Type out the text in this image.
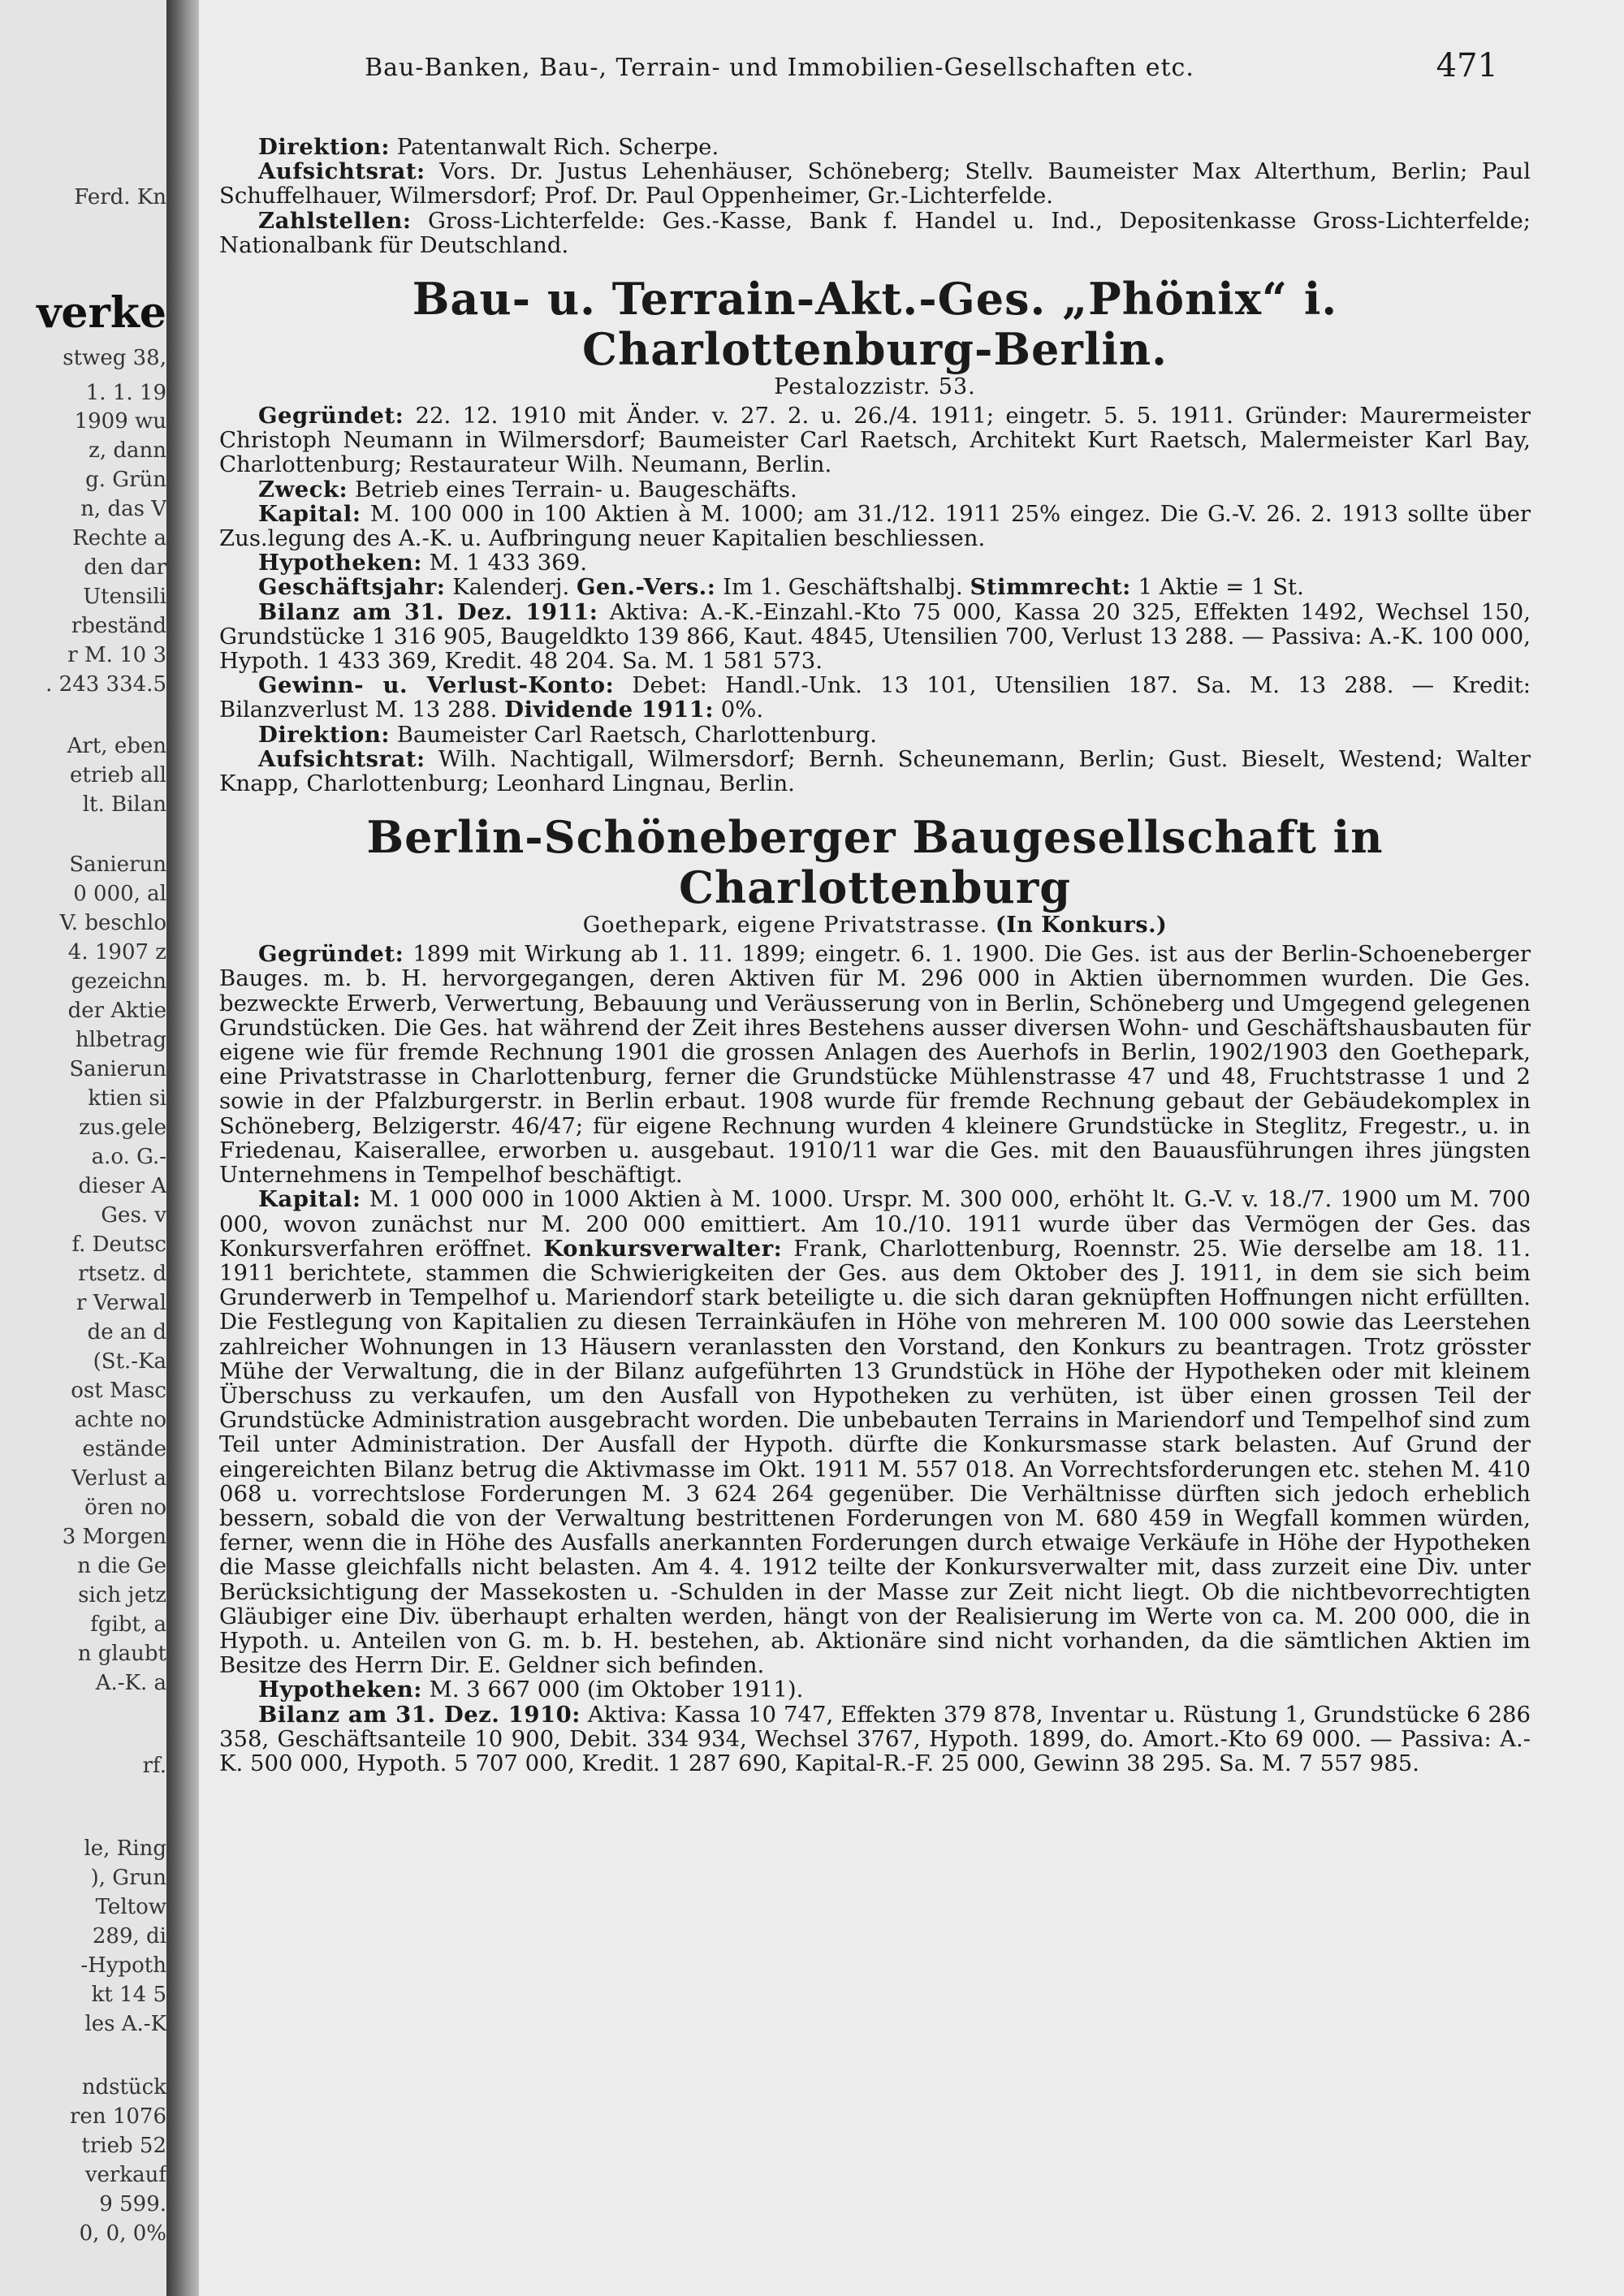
Ferd. Kn
verke
stweg 38,
1. 1. 19
1909 wu
z, dann
g. Grün
n, das V
Rechte a
den dar
Utensili
rbeständ
r M. 10 3
. 243 334.5
Art, eben
etrieb all
lt. Bilan
Sanierun
0 000, al
V. beschlo
4. 1907 z
gezeichn
der Aktie
hlbetrag
Sanierun
ktien si
zus.gele
a.o. G.-
dieser A
Ges. v
f. Deutsc
rtsetz. d
r Verwal
de an d
(St.-Ka
ost Masc
achte no
estände
Verlust a
ören no
3 Morgen
n die Ge
sich jetz
fgibt, a
n glaubt
A.-K. a
rf.
le, Ring
), Grun
Teltow
289, di
-Hypoth
kt 14 5
les A.-K
ndstück
ren 1076
trieb 52
verkauf
9 599.
0, 0, 0%
Bau-Banken, Bau-, Terrain- und Immobilien-Gesellschaften etc.	471

Direktion: Patentanwalt Rich. Scherpe.

Aufsichtsrat: Vors. Dr. Justus Lehenhäuser, Schöneberg; Stellv. Baumeister Max Alterthum, Berlin; Paul Schuffelhauer, Wilmersdorf; Prof. Dr. Paul Oppenheimer, Gr.-Lichterfelde.

Zahlstellen: Gross-Lichterfelde: Ges.-Kasse, Bank f. Handel u. Ind., Depositenkasse Gross-Lichterfelde; Nationalbank für Deutschland.

Bau- u. Terrain-Akt.-Ges. „Phönix“ i. Charlottenburg-Berlin.
Pestalozzistr. 53.

Gegründet: 22. 12. 1910 mit Änder. v. 27. 2. u. 26./4. 1911; eingetr. 5. 5. 1911. Gründer: Maurermeister Christoph Neumann in Wilmersdorf; Baumeister Carl Raetsch, Architekt Kurt Raetsch, Malermeister Karl Bay, Charlottenburg; Restaurateur Wilh. Neumann, Berlin.

Zweck: Betrieb eines Terrain- u. Baugeschäfts.

Kapital: M. 100 000 in 100 Aktien à M. 1000; am 31./12. 1911 25% eingez. Die G.-V. 26. 2. 1913 sollte über Zus.legung des A.-K. u. Aufbringung neuer Kapitalien beschliessen.

Hypotheken: M. 1 433 369.

Geschäftsjahr: Kalenderj. Gen.-Vers.: Im 1. Geschäftshalbj. Stimmrecht: 1 Aktie = 1 St.

Bilanz am 31. Dez. 1911: Aktiva: A.-K.-Einzahl.-Kto 75 000, Kassa 20 325, Effekten 1492, Wechsel 150, Grundstücke 1 316 905, Baugeldkto 139 866, Kaut. 4845, Utensilien 700, Verlust 13 288. — Passiva: A.-K. 100 000, Hypoth. 1 433 369, Kredit. 48 204. Sa. M. 1 581 573.

Gewinn- u. Verlust-Konto: Debet: Handl.-Unk. 13 101, Utensilien 187. Sa. M. 13 288. — Kredit: Bilanzverlust M. 13 288. Dividende 1911: 0%.

Direktion: Baumeister Carl Raetsch, Charlottenburg.

Aufsichtsrat: Wilh. Nachtigall, Wilmersdorf; Bernh. Scheunemann, Berlin; Gust. Bieselt, Westend; Walter Knapp, Charlottenburg; Leonhard Lingnau, Berlin.

Berlin-Schöneberger Baugesellschaft in Charlottenburg
Goethepark, eigene Privatstrasse. (In Konkurs.)

Gegründet: 1899 mit Wirkung ab 1. 11. 1899; eingetr. 6. 1. 1900. Die Ges. ist aus der Berlin-Schoeneberger Bauges. m. b. H. hervorgegangen, deren Aktiven für M. 296 000 in Aktien übernommen wurden. Die Ges. bezweckte Erwerb, Verwertung, Bebauung und Veräusserung von in Berlin, Schöneberg und Umgegend gelegenen Grundstücken. Die Ges. hat während der Zeit ihres Bestehens ausser diversen Wohn- und Geschäftshausbauten für eigene wie für fremde Rechnung 1901 die grossen Anlagen des Auerhofs in Berlin, 1902/1903 den Goethepark, eine Privatstrasse in Charlottenburg, ferner die Grundstücke Mühlenstrasse 47 und 48, Fruchtstrasse 1 und 2 sowie in der Pfalzburgerstr. in Berlin erbaut. 1908 wurde für fremde Rechnung gebaut der Gebäudekomplex in Schöneberg, Belzigerstr. 46/47; für eigene Rechnung wurden 4 kleinere Grundstücke in Steglitz, Fregestr., u. in Friedenau, Kaiserallee, erworben u. ausgebaut. 1910/11 war die Ges. mit den Bauausführungen ihres jüngsten Unternehmens in Tempelhof beschäftigt.

Kapital: M. 1 000 000 in 1000 Aktien à M. 1000. Urspr. M. 300 000, erhöht lt. G.-V. v. 18./7. 1900 um M. 700 000, wovon zunächst nur M. 200 000 emittiert. Am 10./10. 1911 wurde über das Vermögen der Ges. das Konkursverfahren eröffnet. Konkursverwalter: Frank, Charlottenburg, Roennstr. 25. Wie derselbe am 18. 11. 1911 berichtete, stammen die Schwierigkeiten der Ges. aus dem Oktober des J. 1911, in dem sie sich beim Grunderwerb in Tempelhof u. Mariendorf stark beteiligte u. die sich daran geknüpften Hoffnungen nicht erfüllten. Die Festlegung von Kapitalien zu diesen Terrainkäufen in Höhe von mehreren M. 100 000 sowie das Leerstehen zahlreicher Wohnungen in 13 Häusern veranlassten den Vorstand, den Konkurs zu beantragen. Trotz grösster Mühe der Verwaltung, die in der Bilanz aufgeführten 13 Grundstück in Höhe der Hypotheken oder mit kleinem Überschuss zu verkaufen, um den Ausfall von Hypotheken zu verhüten, ist über einen grossen Teil der Grundstücke Administration ausgebracht worden. Die unbebauten Terrains in Mariendorf und Tempelhof sind zum Teil unter Administration. Der Ausfall der Hypoth. dürfte die Konkursmasse stark belasten. Auf Grund der eingereichten Bilanz betrug die Aktivmasse im Okt. 1911 M. 557 018. An Vorrechtsforderungen etc. stehen M. 410 068 u. vorrechtslose Forderungen M. 3 624 264 gegenüber. Die Verhältnisse dürften sich jedoch erheblich bessern, sobald die von der Verwaltung bestrittenen Forderungen von M. 680 459 in Wegfall kommen würden, ferner, wenn die in Höhe des Ausfalls anerkannten Forderungen durch etwaige Verkäufe in Höhe der Hypotheken die Masse gleichfalls nicht belasten. Am 4. 4. 1912 teilte der Konkursverwalter mit, dass zurzeit eine Div. unter Berücksichtigung der Massekosten u. -Schulden in der Masse zur Zeit nicht liegt. Ob die nichtbevorrechtigten Gläubiger eine Div. überhaupt erhalten werden, hängt von der Realisierung im Werte von ca. M. 200 000, die in Hypoth. u. Anteilen von G. m. b. H. bestehen, ab. Aktionäre sind nicht vorhanden, da die sämtlichen Aktien im Besitze des Herrn Dir. E. Geldner sich befinden.

Hypotheken: M. 3 667 000 (im Oktober 1911).

Bilanz am 31. Dez. 1910: Aktiva: Kassa 10 747, Effekten 379 878, Inventar u. Rüstung 1, Grundstücke 6 286 358, Geschäftsanteile 10 900, Debit. 334 934, Wechsel 3767, Hypoth. 1899, do. Amort.-Kto 69 000. — Passiva: A.-K. 500 000, Hypoth. 5 707 000, Kredit. 1 287 690, Kapital-R.-F. 25 000, Gewinn 38 295. Sa. M. 7 557 985.
